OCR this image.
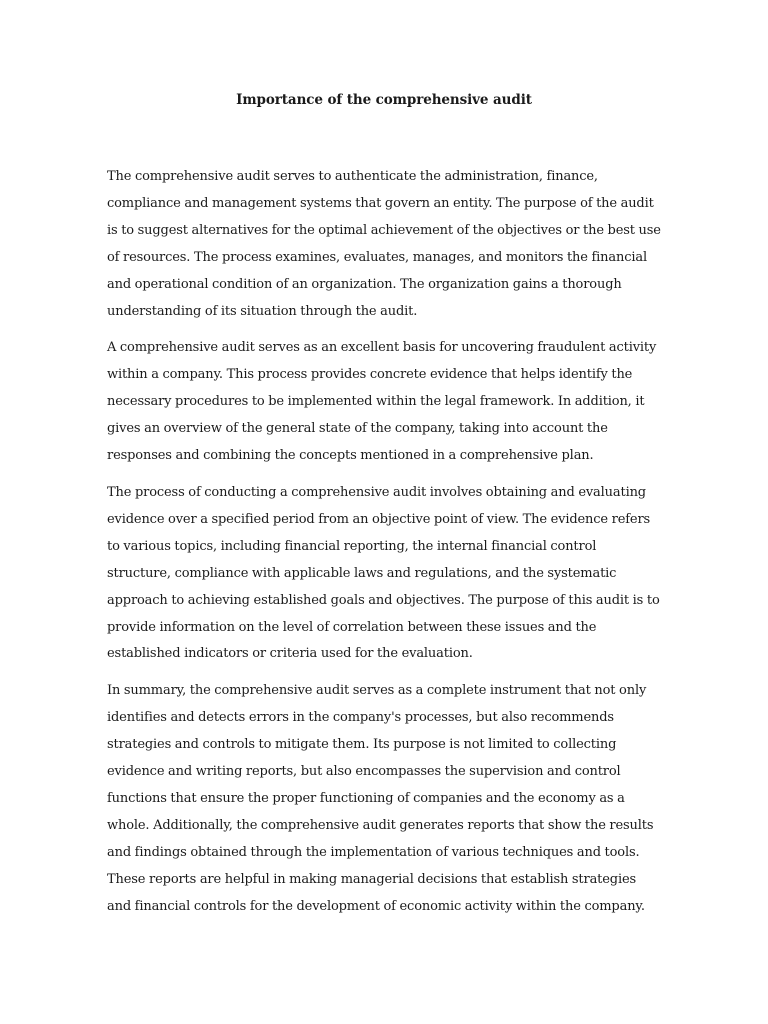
Importance of the comprehensive audit

The comprehensive audit serves to authenticate the administration, finance, compliance and management systems that govern an entity. The purpose of the audit is to suggest alternatives for the optimal achievement of the objectives or the best use of resources. The process examines, evaluates, manages, and monitors the financial and operational condition of an organization. The organization gains a thorough understanding of its situation through the audit.

A comprehensive audit serves as an excellent basis for uncovering fraudulent activity within a company. This process provides concrete evidence that helps identify the necessary procedures to be implemented within the legal framework. In addition, it gives an overview of the general state of the company, taking into account the responses and combining the concepts mentioned in a comprehensive plan.

The process of conducting a comprehensive audit involves obtaining and evaluating evidence over a specified period from an objective point of view. The evidence refers to various topics, including financial reporting, the internal financial control structure, compliance with applicable laws and regulations, and the systematic approach to achieving established goals and objectives. The purpose of this audit is to provide information on the level of correlation between these issues and the established indicators or criteria used for the evaluation.

In summary, the comprehensive audit serves as a complete instrument that not only identifies and detects errors in the company's processes, but also recommends strategies and controls to mitigate them. Its purpose is not limited to collecting evidence and writing reports, but also encompasses the supervision and control functions that ensure the proper functioning of companies and the economy as a whole. Additionally, the comprehensive audit generates reports that show the results and findings obtained through the implementation of various techniques and tools. These reports are helpful in making managerial decisions that establish strategies and financial controls for the development of economic activity within the company.
